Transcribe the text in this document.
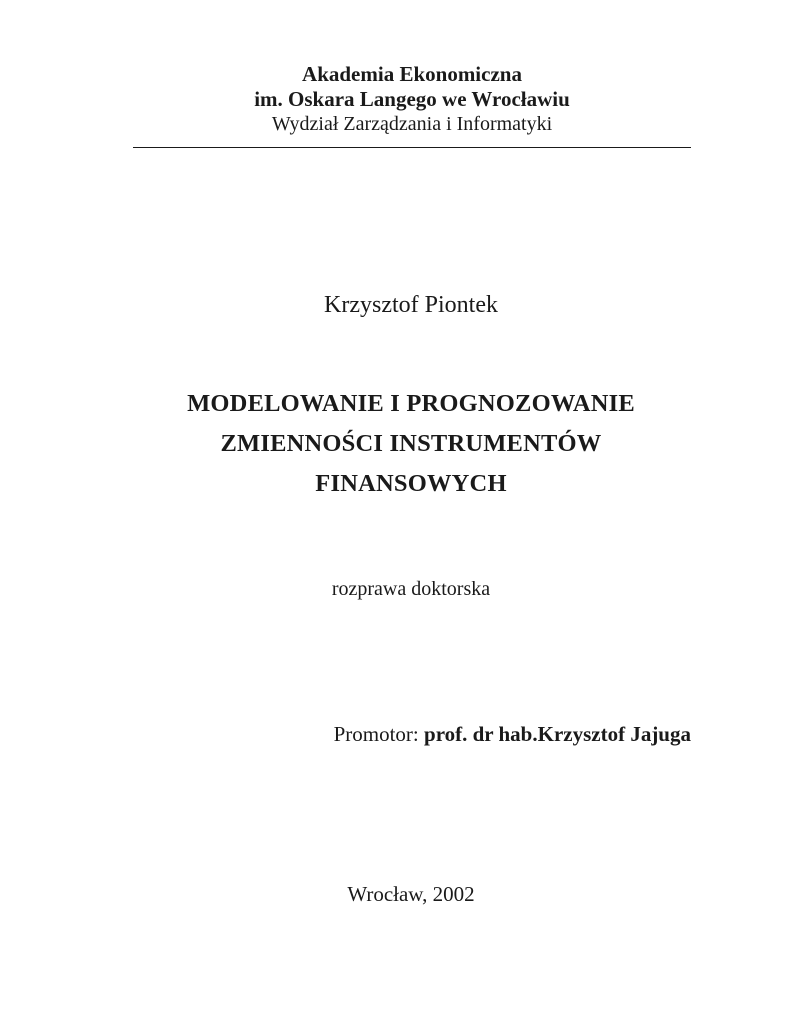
Akademia Ekonomiczna
im. Oskara Langego we Wrocławiu
Wydział Zarządzania i Informatyki
Krzysztof Piontek
MODELOWANIE I PROGNOZOWANIE
ZMIENNOŚCI INSTRUMENTÓW
FINANSOWYCH
rozprawa doktorska
Promotor: prof. dr hab.Krzysztof Jajuga
Wrocław, 2002
